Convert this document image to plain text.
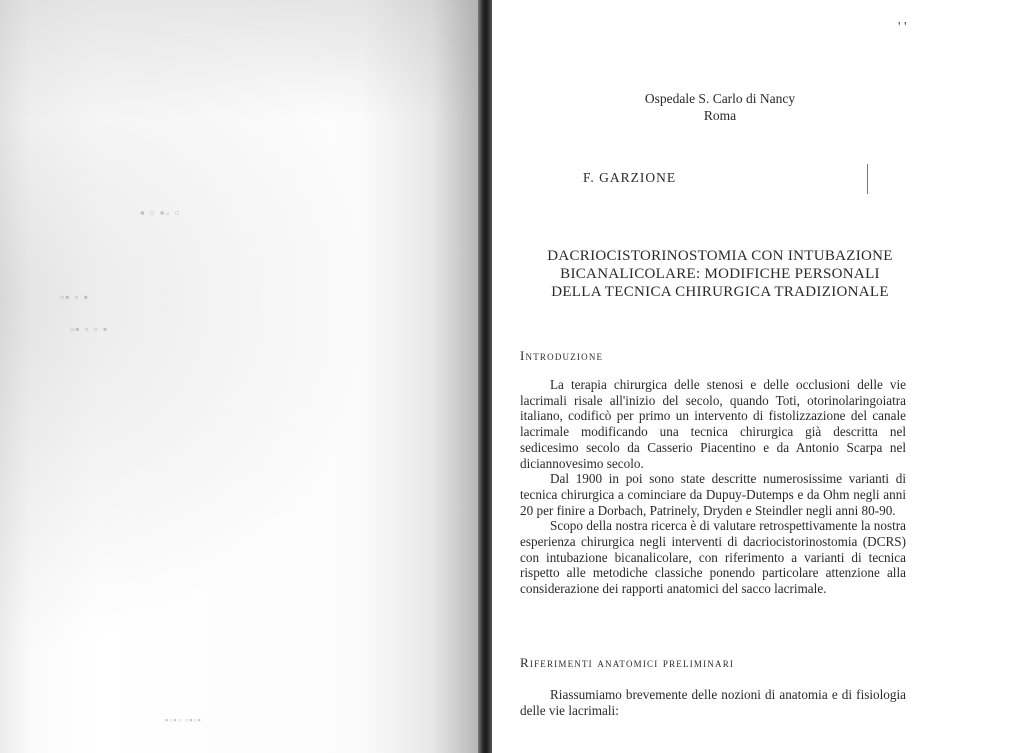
▪ ▫ ▪‑ ▫
▫▪ ▫ ▪
▫▪ ▫ ▫ ▪
▪▫▪▫ ▫▪▫▪
' '
Ospedale S. Carlo di Nancy
Roma
F. GARZIONE
DACRIOCISTORINOSTOMIA CON INTUBAZIONE
BICANALICOLARE: MODIFICHE PERSONALI
DELLA TECNICA CHIRURGICA TRADIZIONALE
Introduzione

La terapia chirurgica delle stenosi e delle occlusioni delle vie lacrimali risale all'inizio del secolo, quando Toti, otorinolaringoiatra italiano, codificò per primo un intervento di fistolizzazione del canale lacrimale modificando una tecnica chirurgica già descritta nel sedicesimo secolo da Casserio Piacentino e da Antonio Scarpa nel diciannovesimo secolo.

Dal 1900 in poi sono state descritte numerosissime varianti di tecnica chirurgica a cominciare da Dupuy-Dutemps e da Ohm negli anni 20 per finire a Dorbach, Patrinely, Dryden e Steindler negli anni 80-90.

Scopo della nostra ricerca è di valutare retrospettivamente la nostra esperienza chirurgica negli interventi di dacriocistorinostomia (DCRS) con intubazione bicanalicolare, con riferimento a varianti di tecnica rispetto alle metodiche classiche ponendo particolare attenzione alla considerazione dei rapporti anatomici del sacco lacrimale.

Riferimenti anatomici preliminari

Riassumiamo brevemente delle nozioni di anatomia e di fisiologia delle vie lacrimali:
